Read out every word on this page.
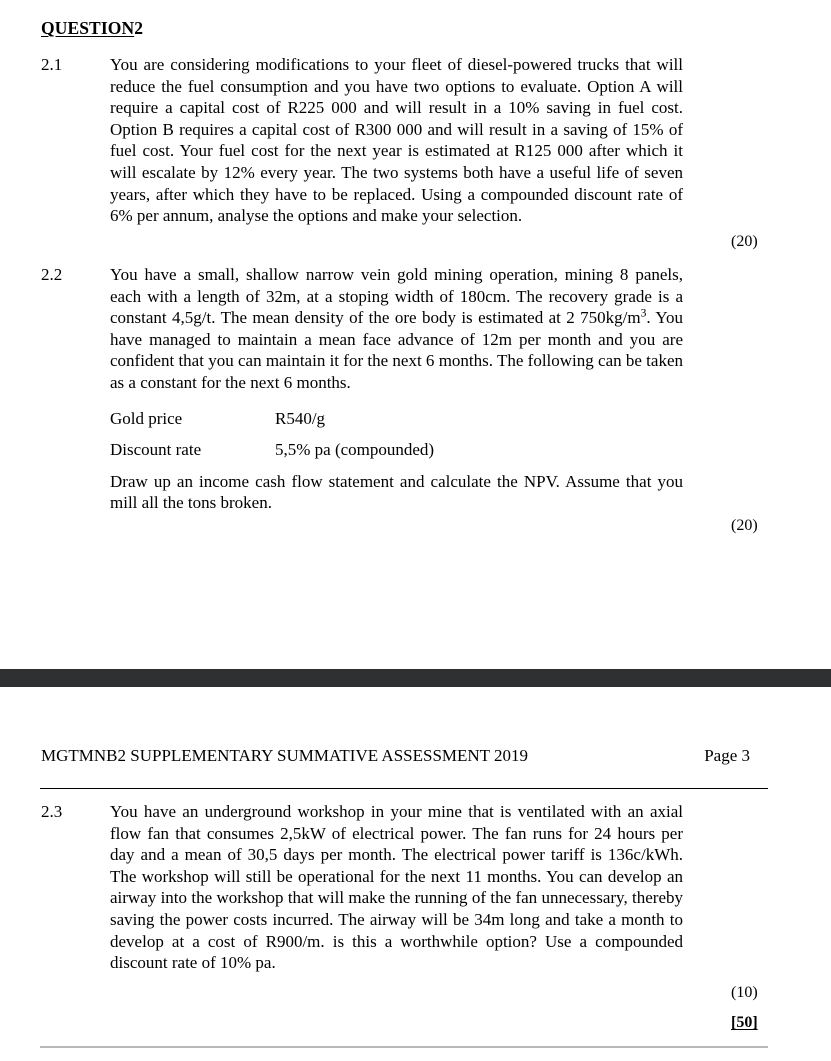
QUESTION2
2.1	You are considering modifications to your fleet of diesel-powered trucks that will reduce the fuel consumption and you have two options to evaluate. Option A will require a capital cost of R225 000 and will result in a 10% saving in fuel cost. Option B requires a capital cost of R300 000 and will result in a saving of 15% of fuel cost. Your fuel cost for the next year is estimated at R125 000 after which it will escalate by 12% every year. The two systems both have a useful life of seven years, after which they have to be replaced. Using a compounded discount rate of 6% per annum, analyse the options and make your selection.
(20)
2.2	You have a small, shallow narrow vein gold mining operation, mining 8 panels, each with a length of 32m, at a stoping width of 180cm. The recovery grade is a constant 4,5g/t. The mean density of the ore body is estimated at 2 $750kg/m^3$. You have managed to maintain a mean face advance of 12m per month and you are confident that you can maintain it for the next 6 months. The following can be taken as a constant for the next 6 months.
Gold price	R540/g
Discount rate	5,5% pa (compounded)
Draw up an income cash flow statement and calculate the NPV. Assume that you mill all the tons broken.
(20)
MGTMNB2 SUPPLEMENTARY SUMMATIVE ASSESSMENT 2019	Page 3
2.3	You have an underground workshop in your mine that is ventilated with an axial flow fan that consumes 2,5kW of electrical power. The fan runs for 24 hours per day and a mean of 30,5 days per month. The electrical power tariff is 136c/kWh. The workshop will still be operational for the next 11 months. You can develop an airway into the workshop that will make the running of the fan unnecessary, thereby saving the power costs incurred. The airway will be 34m long and take a month to develop at a cost of R900/m. is this a worthwhile option? Use a compounded discount rate of 10% pa.
(10)
[50]
